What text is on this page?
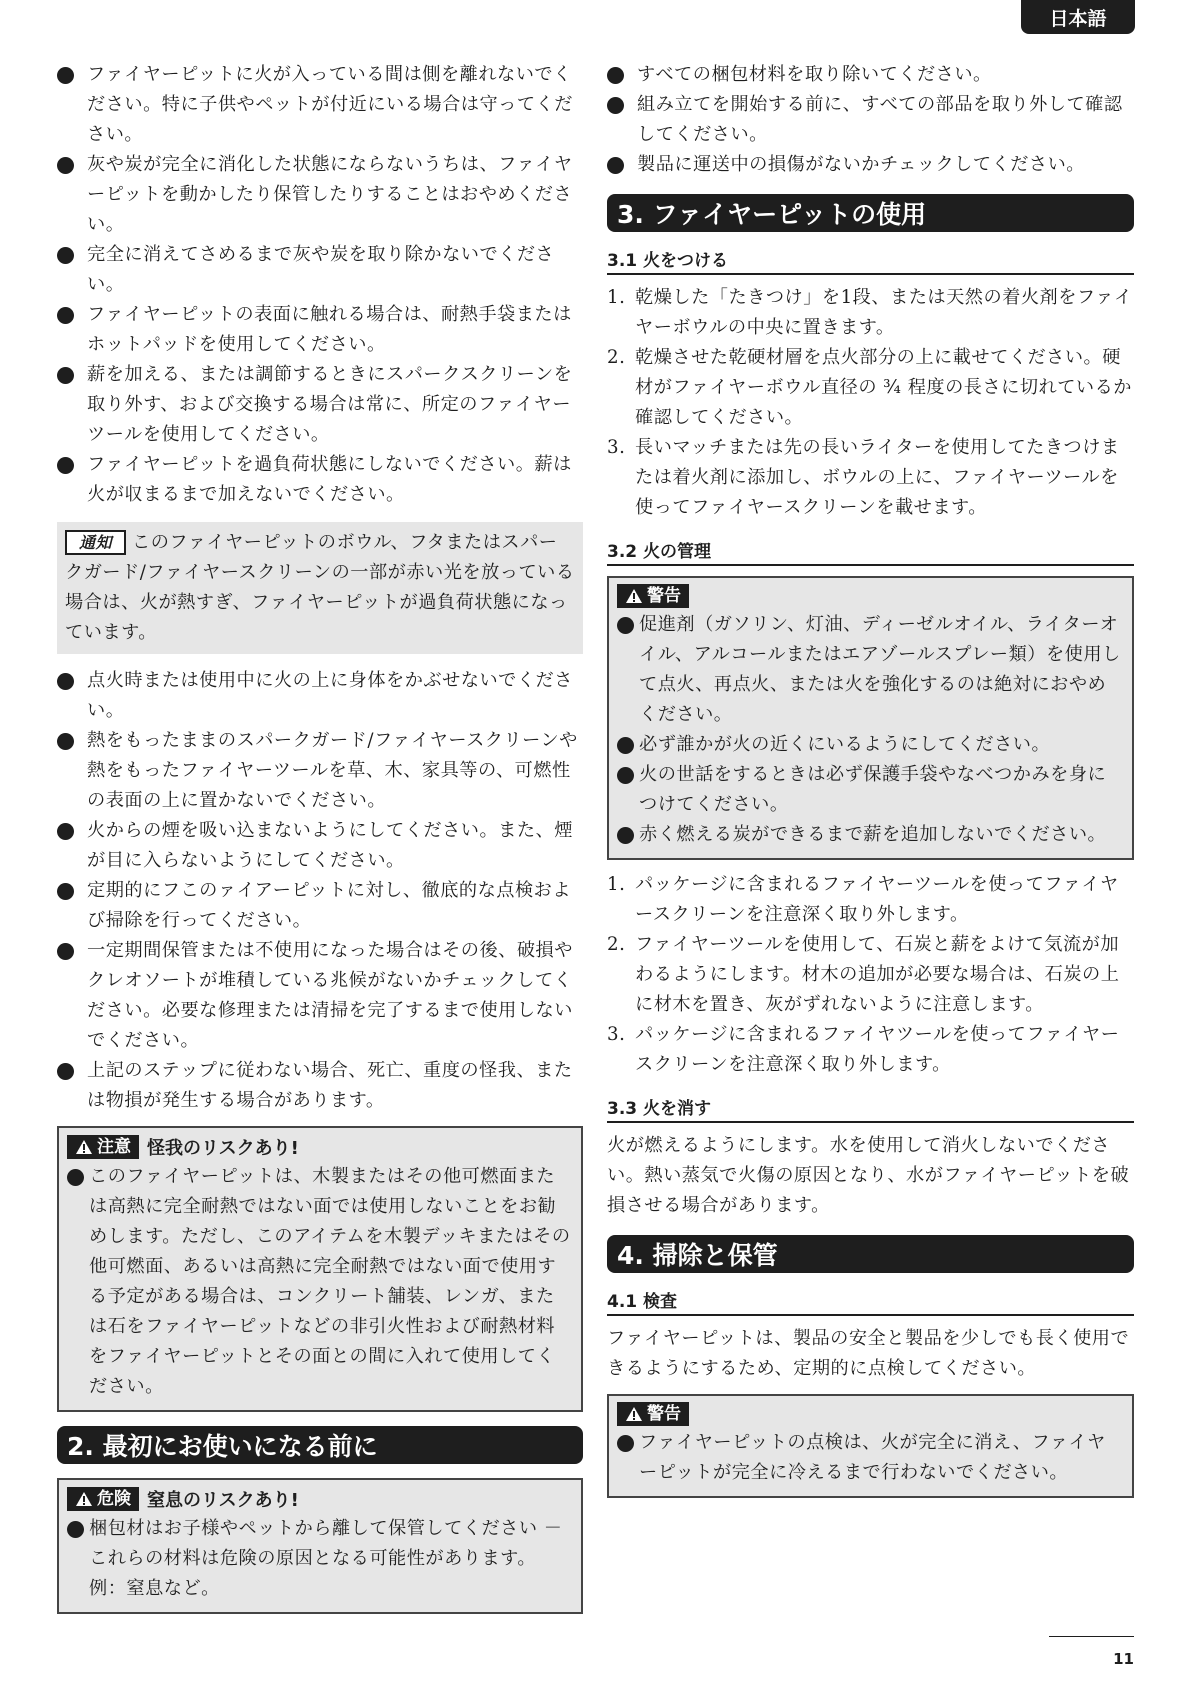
日本語
ファイヤーピットに火が入っている間は側を離れないでください。特に子供やペットが付近にいる場合は守ってください。
灰や炭が完全に消化した状態にならないうちは、ファイヤーピットを動かしたり保管したりすることはおやめください。
完全に消えてさめるまで灰や炭を取り除かないでください。
ファイヤーピットの表面に触れる場合は、耐熱手袋またはホットパッドを使用してください。
薪を加える、または調節するときにスパークスクリーンを取り外す、および交換する場合は常に、所定のファイヤーツールを使用してください。
ファイヤーピットを過負荷状態にしないでください。薪は火が収まるまで加えないでください。
通知 このファイヤーピットのボウル、フタまたはスパークガード/ファイヤースクリーンの一部が赤い光を放っている場合は、火が熱すぎ、ファイヤーピットが過負荷状態になっています。
点火時または使用中に火の上に身体をかぶせないでください。
熱をもったままのスパークガード/ファイヤースクリーンや熱をもったファイヤーツールを草、木、家具等の、可燃性の表面の上に置かないでください。
火からの煙を吸い込まないようにしてください。また、煙が目に入らないようにしてください。
定期的にフこのァイアーピットに対し、徹底的な点検および掃除を行ってください。
一定期間保管または不使用になった場合はその後、破損やクレオソートが堆積している兆候がないかチェックしてください。必要な修理または清掃を完了するまで使用しないでください。
上記のステップに従わない場合、死亡、重度の怪我、または物損が発生する場合があります。
注意 怪我のリスクあり!
このファイヤーピットは、木製またはその他可燃面または高熱に完全耐熱ではない面では使用しないことをお勧めします。ただし、このアイテムを木製デッキまたはその他可燃面、あるいは高熱に完全耐熱ではない面で使用する予定がある場合は、コンクリート舗装、レンガ、または石をファイヤーピットなどの非引火性および耐熱材料をファイヤーピットとその面との間に入れて使用してください。
2. 最初にお使いになる前に
危険 窒息のリスクあり!
梱包材はお子様やペットから離して保管してください － これらの材料は危険の原因となる可能性があります。例：窒息など。
すべての梱包材料を取り除いてください。
組み立てを開始する前に、すべての部品を取り外して確認してください。
製品に運送中の損傷がないかチェックしてください。
3. ファイヤーピットの使用
3.1 火をつける
1. 乾燥した「たきつけ」を1段、または天然の着火剤をファイヤーボウルの中央に置きます。
2. 乾燥させた乾硬材層を点火部分の上に載せてください。硬材がファイヤーボウル直径の ¾ 程度の長さに切れているか確認してください。
3. 長いマッチまたは先の長いライターを使用してたきつけまたは着火剤に添加し、ボウルの上に、ファイヤーツールを使ってファイヤースクリーンを載せます。
3.2 火の管理
警告
促進剤（ガソリン、灯油、ディーゼルオイル、ライターオイル、アルコールまたはエアゾールスプレー類）を使用して点火、再点火、または火を強化するのは絶対におやめください。
必ず誰かが火の近くにいるようにしてください。
火の世話をするときは必ず保護手袋やなべつかみを身につけてください。
赤く燃える炭ができるまで薪を追加しないでください。
1. パッケージに含まれるファイヤーツールを使ってファイヤースクリーンを注意深く取り外します。
2. ファイヤーツールを使用して、石炭と薪をよけて気流が加わるようにします。材木の追加が必要な場合は、石炭の上に材木を置き、灰がずれないように注意します。
3. パッケージに含まれるファイヤツールを使ってファイヤースクリーンを注意深く取り外します。
3.3 火を消す

火が燃えるようにします。水を使用して消火しないでください。熱い蒸気で火傷の原因となり、水がファイヤーピットを破損させる場合があります。

4. 掃除と保管
4.1 検査

ファイヤーピットは、製品の安全と製品を少しでも長く使用できるようにするため、定期的に点検してください。

警告
ファイヤーピットの点検は、火が完全に消え、ファイヤーピットが完全に冷えるまで行わないでください。
11
